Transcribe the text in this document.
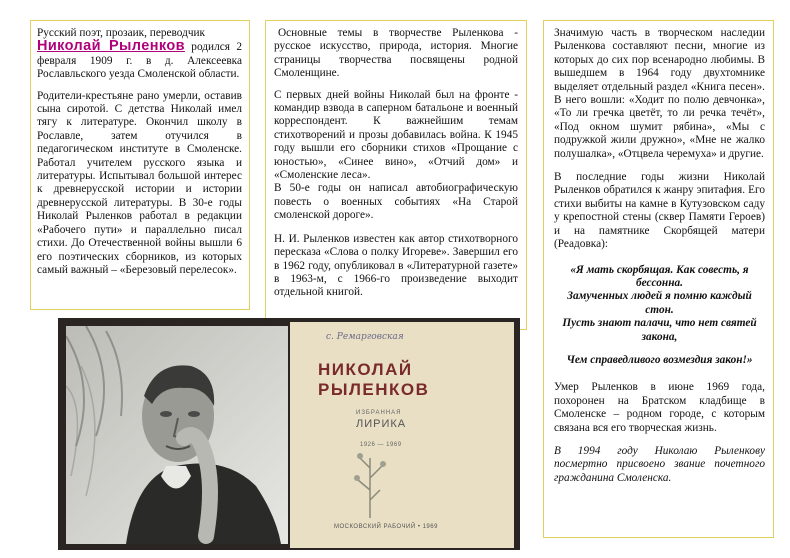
Русский поэт, прозаик, переводчик
Николай Рыленков родился 2 февраля 1909 г. в д. Алексеевка Рославльского уезда Смоленской области.

Родители-крестьяне рано умерли, оставив сына сиротой. С детства Николай имел тягу к литературе. Окончил школу в Рославле, затем отучился в педагогическом институте в Смоленске. Работал учителем русского языка и литературы. Испытывал большой интерес к древнерусской истории и истории древнерусской литературы. В 30-е годы Николай Рыленков работал в редакции «Рабочего пути» и параллельно писал стихи. До Отечественной войны вышли 6 его поэтических сборников, из которых самый важный – «Березовый перелесок».

Основные темы в творчестве Рыленкова - русское искусство, природа, история. Многие страницы творчества посвящены родной Смоленщине.

С первых дней войны Николай был на фронте - командир взвода в саперном батальоне и военный корреспондент. К важнейшим темам стихотворений и прозы добавилась война. К 1945 году вышли его сборники стихов «Прощание с юностью», «Синее вино», «Отчий дом» и «Смоленские леса».

В 50-е годы он написал автобиографическую повесть о военных событиях «На Старой смоленской дороге».

Н. И. Рыленков известен как автор стихотворного пересказа «Слова о полку Игореве». Завершил его в 1962 году, опубликовал в «Литературной газете» в 1963-м, с 1966-го произведение выходит отдельной книгой.

Значимую часть в творческом наследии Рыленкова составляют песни, многие из которых до сих пор всенародно любимы. В вышедшем в 1964 году двухтомнике выделяет отдельный раздел «Книга песен». В него вошли: «Ходит по полю девчонка», «То ли гречка цветёт, то ли речка течёт», «Под окном шумит рябина», «Мы с подружкой жили дружно», «Мне не жалко полушалка», «Отцвела черемуха» и другие.

В последние годы жизни Николай Рыленков обратился к жанру эпитафия. Его стихи выбиты на камне в Кутузовском саду у крепостной стены (сквер Памяти Героев) и на памятнике Скорбящей матери (Реадовка):

«Я мать скорбящая. Как совесть, я бессонна.

Замученных людей я помню каждый стон.

Пусть знают палачи, что нет святей закона,

Чем справедливого возмездия закон!»

Умер Рыленков в июне 1969 года, похоронен на Братском кладбище в Смоленске – родном городе, с которым связана вся его творческая жизнь.

В 1994 году Николаю Рыленкову посмертно присвоено звание почетного гражданина Смоленска.

с. Ремарговская
НИКОЛАЙ
РЫЛЕНКОВ
ИЗБРАННАЯ
ЛИРИКА
1926 — 1969
МОСКОВСКИЙ РАБОЧИЙ • 1969
